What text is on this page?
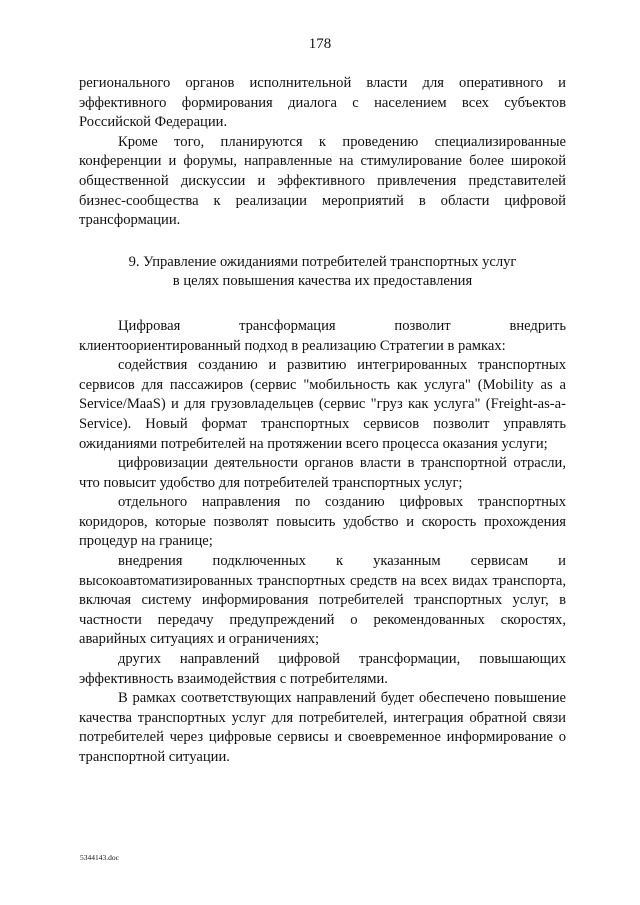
178

регионального органов исполнительной власти для оперативного и эффективного формирования диалога с населением всех субъектов Российской Федерации.

Кроме того, планируются к проведению специализированные конференции и форумы, направленные на стимулирование более широкой общественной дискуссии и эффективного привлечения представителей бизнес-сообщества к реализации мероприятий в области цифровой трансформации.

9. Управление ожиданиями потребителей транспортных услуг
в целях повышения качества их предоставления

Цифровая трансформация позволит внедрить клиентоориентированный подход в реализацию Стратегии в рамках:

содействия созданию и развитию интегрированных транспортных сервисов для пассажиров (сервис "мобильность как услуга" (Mobility as a Service/MaaS) и для грузовладельцев (сервис "груз как услуга" (Freight-as-a-Service). Новый формат транспортных сервисов позволит управлять ожиданиями потребителей на протяжении всего процесса оказания услуги;

цифровизации деятельности органов власти в транспортной отрасли, что повысит удобство для потребителей транспортных услуг;

отдельного направления по созданию цифровых транспортных коридоров, которые позволят повысить удобство и скорость прохождения процедур на границе;

внедрения подключенных к указанным сервисам и высокоавтоматизированных транспортных средств на всех видах транспорта, включая систему информирования потребителей транспортных услуг, в частности передачу предупреждений о рекомендованных скоростях, аварийных ситуациях и ограничениях;

других направлений цифровой трансформации, повышающих эффективность взаимодействия с потребителями.

В рамках соответствующих направлений будет обеспечено повышение качества транспортных услуг для потребителей, интеграция обратной связи потребителей через цифровые сервисы и своевременное информирование о транспортной ситуации.

5344143.doc
